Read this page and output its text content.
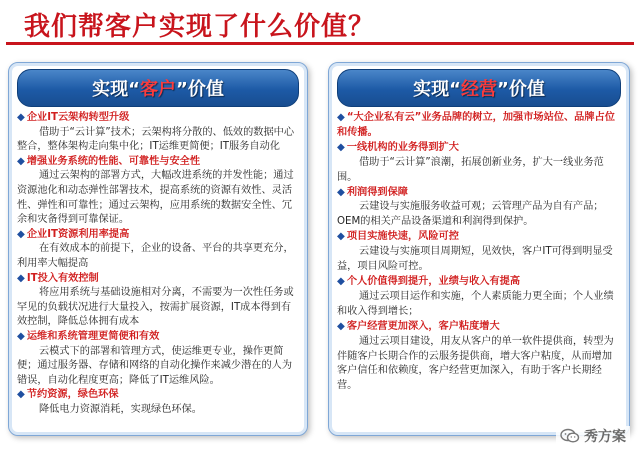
我们帮客户实现了什么价值？
实现“ 客户 ”价值
◆ 企业IT云架构转型升级
借助于“云计算”技术；云架构将分散的、低效的数据中心整合，整体架构走向集中化；IT运维更简便；IT服务自动化
◆ 增强业务系统的性能、可靠性与安全性
通过云架构的部署方式，大幅改进系统的并发性能；通过资源池化和动态弹性部署技术，提高系统的资源有效性、灵活性、弹性和可靠性；通过云架构，应用系统的数据安全性、冗余和灾备得到可靠保证。
◆ 企业IT资源利用率提高
在有效成本的前提下，企业的设备、平台的共享更充分，利用率大幅提高
◆ IT投入有效控制
将应用系统与基础设施相对分离，不需要为一次性任务或罕见的负载状况进行大量投入，按需扩展资源，IT成本得到有效控制，降低总体拥有成本
◆ 运维和系统管理更简便和有效
云模式下的部署和管理方式，使运维更专业，操作更简便；通过服务器、存储和网络的自动化操作来减少潜在的人为错误，自动化程度更高；降低了IT运维风险。
◆ 节约资源，绿色环保
降低电力资源消耗，实现绿色环保。
实现“ 经营 ”价值
◆ “大企业私有云”业务品牌的树立，加强市场站位、品牌占位和传播。
◆ 一线机构的业务得到扩大
借助于“云计算”浪潮，拓展创新业务，扩大一线业务范围。
◆ 利润得到保障
云建设与实施服务收益可观；云管理产品为自有产品；OEM的相关产品设备渠道和利润得到保护。
◆ 项目实施快速，风险可控
云建设与实施项目周期短，见效快，客户IT可得到明显受益，项目风险可控。
◆ 个人价值得到提升，业绩与收入有提高
通过云项目运作和实施，个人素质能力更全面；个人业绩和收入得到增长；
◆ 客户经营更加深入，客户粘度增大
通过云项目建设，用友从客户的单一软件提供商，转型为伴随客户长期合作的云服务提供商，增大客户粘度，从而增加客户信任和依赖度，客户经营更加深入，有助于客户长期经营。
秀方案
